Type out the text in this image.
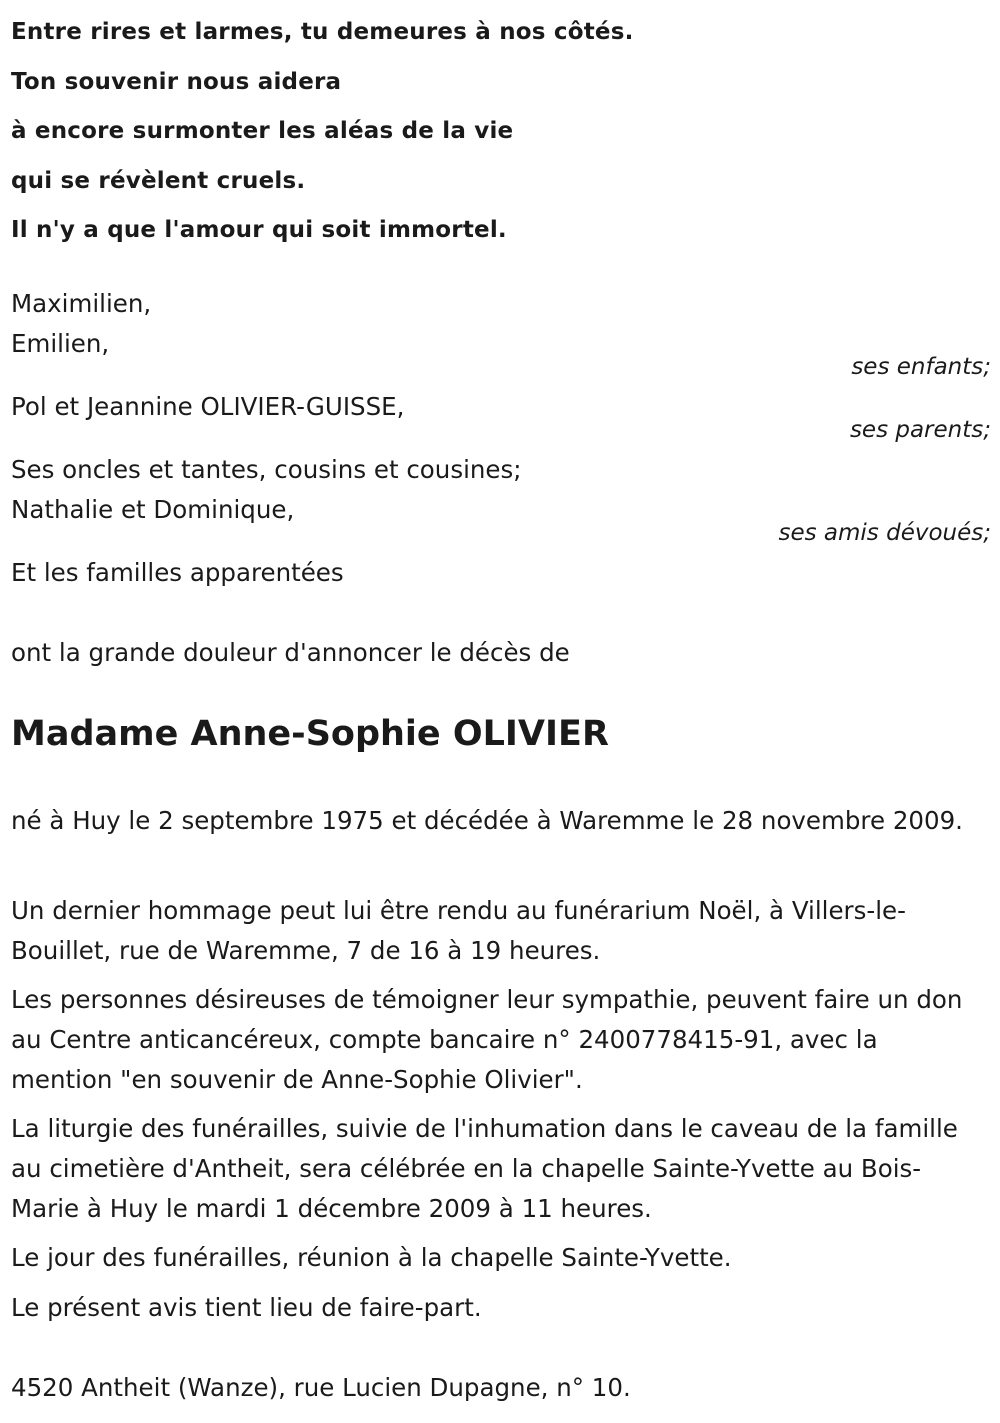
Entre rires et larmes, tu demeures à nos côtés.
Ton souvenir nous aidera
à encore surmonter les aléas de la vie
qui se révèlent cruels.
Il n'y a que l'amour qui soit immortel.
Maximilien,
Emilien,
ses enfants;
Pol et Jeannine OLIVIER-GUISSE,
ses parents;
Ses oncles et tantes, cousins et cousines;
Nathalie et Dominique,
ses amis dévoués;
Et les familles apparentées
ont la grande douleur d'annoncer le décès de
Madame Anne-Sophie OLIVIER
né à Huy le 2 septembre 1975 et décédée à Waremme le 28 novembre 2009.
Un dernier hommage peut lui être rendu au funérarium Noël, à Villers-le-Bouillet, rue de Waremme, 7 de 16 à 19 heures.
Les personnes désireuses de témoigner leur sympathie, peuvent faire un don au Centre anticancéreux, compte bancaire n° 2400778415-91, avec la mention "en souvenir de Anne-Sophie Olivier".
La liturgie des funérailles, suivie de l'inhumation dans le caveau de la famille au cimetière d'Antheit, sera célébrée en la chapelle Sainte-Yvette au Bois-Marie à Huy le mardi 1 décembre 2009 à 11 heures.
Le jour des funérailles, réunion à la chapelle Sainte-Yvette.
Le présent avis tient lieu de faire-part.
4520 Antheit (Wanze), rue Lucien Dupagne, n° 10.
